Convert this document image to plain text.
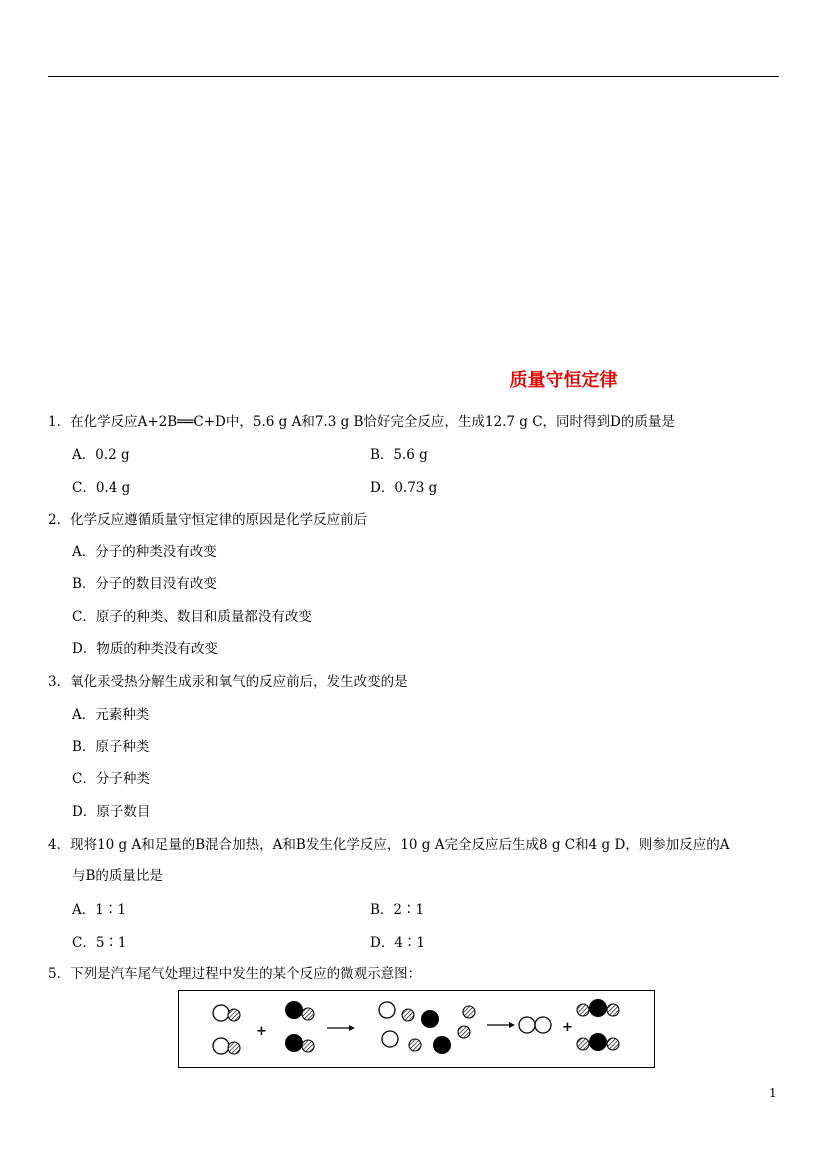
质量守恒定律
1．在化学反应A+2B══C+D中，5.6 g A和7.3 g B恰好完全反应，生成12.7 g C，同时得到D的质量是
A．0.2 g	B．5.6 g
C．0.4 g	D．0.73 g
2．化学反应遵循质量守恒定律的原因是化学反应前后
A．分子的种类没有改变
B．分子的数目没有改变
C．原子的种类、数目和质量都没有改变
D．物质的种类没有改变
3．氧化汞受热分解生成汞和氧气的反应前后，发生改变的是
A．元素种类
B．原子种类
C．分子种类
D．原子数目
4．现将10 g A和足量的B混合加热，A和B发生化学反应，10 g A完全反应后生成8 g C和4 g D，则参加反应的A
与B的质量比是
A．1∶1	B．2∶1
C．5∶1	D．4∶1
5．下列是汽车尾气处理过程中发生的某个反应的微观示意图：
+	+
1
